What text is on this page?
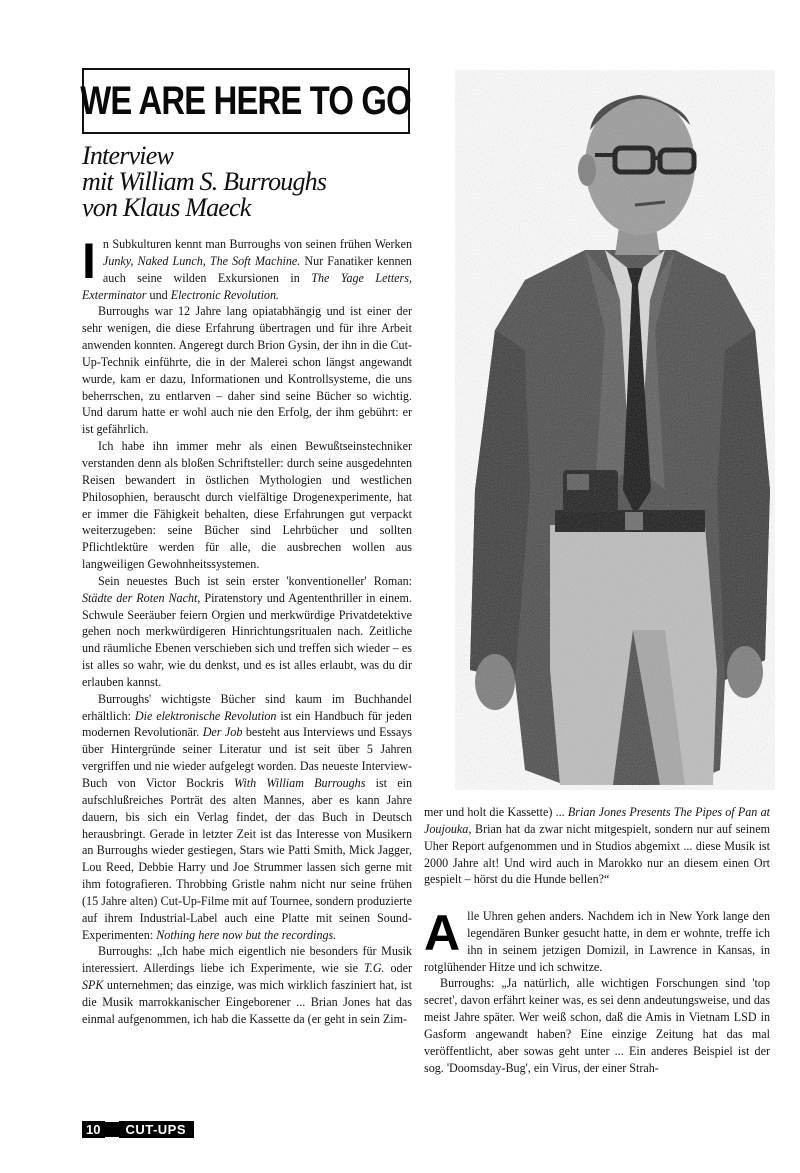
WE ARE HERE TO GO
Interview
mit William S. Burroughs
von Klaus Maeck

In Subkulturen kennt man Burroughs von seinen frühen Werken Junky, Naked Lunch, The Soft Machine. Nur Fanatiker kennen auch seine wilden Exkursionen in The Yage Letters, Exterminator und Electronic Revolution.

Burroughs war 12 Jahre lang opiatabhängig und ist einer der sehr wenigen, die diese Erfahrung übertragen und für ihre Arbeit anwenden konnten. Angeregt durch Brion Gysin, der ihn in die Cut-Up-Technik einführte, die in der Malerei schon längst angewandt wurde, kam er dazu, Informationen und Kontrollsysteme, die uns beherrschen, zu entlarven – daher sind seine Bücher so wichtig. Und darum hatte er wohl auch nie den Erfolg, der ihm gebührt: er ist gefährlich.

Ich habe ihn immer mehr als einen Bewußtseinstechniker verstanden denn als bloßen Schriftsteller: durch seine ausgedehnten Reisen bewandert in östlichen Mythologien und westlichen Philosophien, berauscht durch vielfältige Drogenexperimente, hat er immer die Fähigkeit behalten, diese Erfahrungen gut verpackt weiterzugeben: seine Bücher sind Lehrbücher und sollten Pflichtlektüre werden für alle, die ausbrechen wollen aus langweiligen Gewohnheitssystemen.

Sein neuestes Buch ist sein erster 'konventioneller' Roman: Städte der Roten Nacht, Piratenstory und Agententhriller in einem. Schwule Seeräuber feiern Orgien und merkwürdige Privatdetektive gehen noch merkwürdigeren Hinrichtungsritualen nach. Zeitliche und räumliche Ebenen verschieben sich und treffen sich wieder – es ist alles so wahr, wie du denkst, und es ist alles erlaubt, was du dir erlauben kannst.

Burroughs' wichtigste Bücher sind kaum im Buchhandel erhältlich: Die elektronische Revolution ist ein Handbuch für jeden modernen Revolutionär. Der Job besteht aus Interviews und Essays über Hintergründe seiner Literatur und ist seit über 5 Jahren vergriffen und nie wieder aufgelegt worden. Das neueste Interview-Buch von Victor Bockris With William Burroughs ist ein aufschlußreiches Porträt des alten Mannes, aber es kann Jahre dauern, bis sich ein Verlag findet, der das Buch in Deutsch herausbringt. Gerade in letzter Zeit ist das Interesse von Musikern an Burroughs wieder gestiegen, Stars wie Patti Smith, Mick Jagger, Lou Reed, Debbie Harry und Joe Strummer lassen sich gerne mit ihm fotografieren. Throbbing Gristle nahm nicht nur seine frühen (15 Jahre alten) Cut-Up-Filme mit auf Tournee, sondern produzierte auf ihrem Industrial-Label auch eine Platte mit seinen Sound-Experimenten: Nothing here now but the recordings.

Burroughs: „Ich habe mich eigentlich nie besonders für Musik interessiert. Allerdings liebe ich Experimente, wie sie T.G. oder SPK unternehmen; das einzige, was mich wirklich fasziniert hat, ist die Musik marrokkanischer Eingeborener ... Brian Jones hat das einmal aufgenommen, ich hab die Kassette da (er geht in sein Zim-

mer und holt die Kassette) ... Brian Jones Presents The Pipes of Pan at Joujouka, Brian hat da zwar nicht mitgespielt, sondern nur auf seinem Uher Report aufgenommen und in Studios abgemixt ... diese Musik ist 2000 Jahre alt! Und wird auch in Marokko nur an diesem einen Ort gespielt – hörst du die Hunde bellen?“

Alle Uhren gehen anders. Nachdem ich in New York lange den legendären Bunker gesucht hatte, in dem er wohnte, treffe ich ihn in seinem jetzigen Domizil, in Lawrence in Kansas, in rotglühender Hitze und ich schwitze.

Burroughs: „Ja natürlich, alle wichtigen Forschungen sind 'top secret', davon erfährt keiner was, es sei denn andeutungsweise, und das meist Jahre später. Wer weiß schon, daß die Amis in Vietnam LSD in Gasform angewandt haben? Eine einzige Zeitung hat das mal veröffentlicht, aber sowas geht unter ... Ein anderes Beispiel ist der sog. 'Doomsday-Bug', ein Virus, der einer Strah-

10	CUT-UPS
